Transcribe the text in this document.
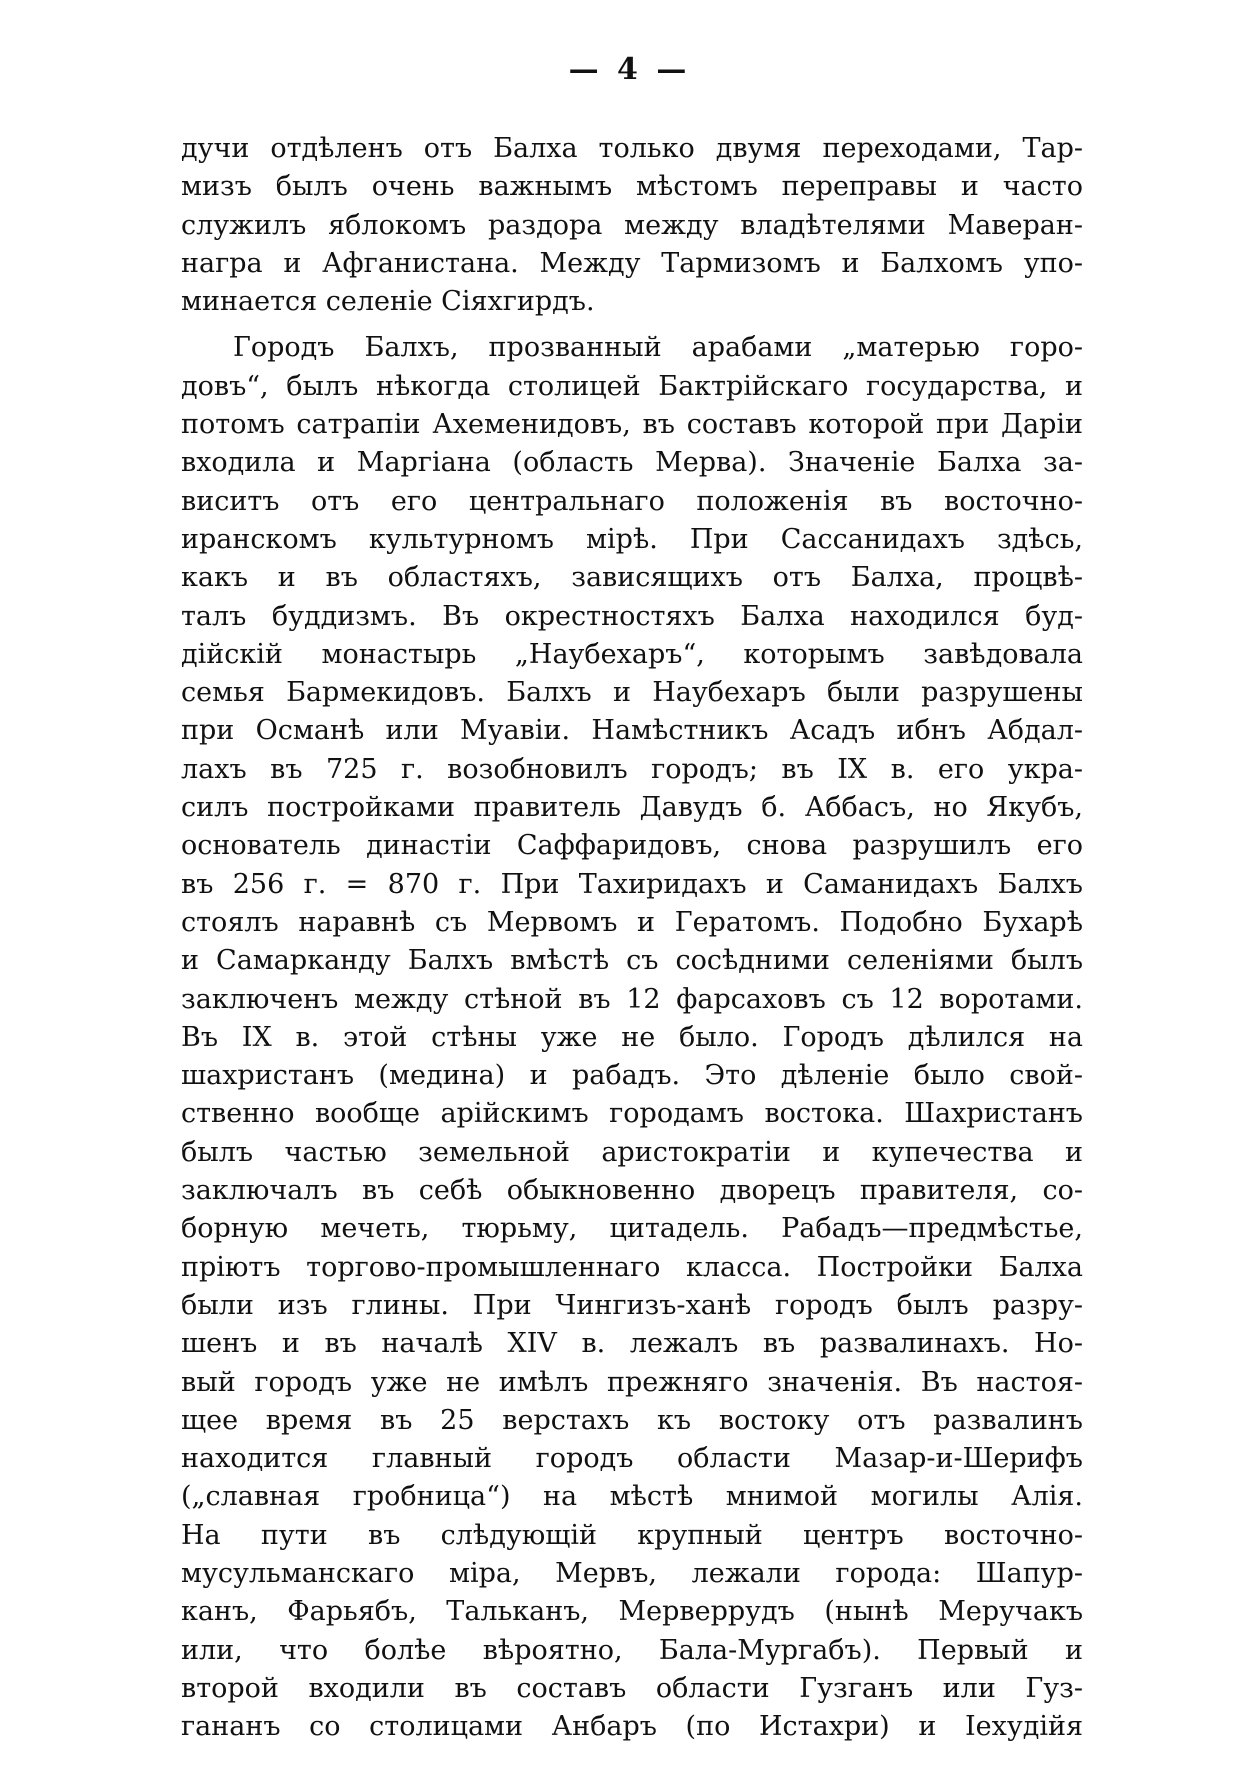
— 4 —
дучи отдѣленъ отъ Балха только двумя переходами, Тар-
мизъ былъ очень важнымъ мѣстомъ переправы и часто
служилъ яблокомъ раздора между владѣтелями Маверан-
награ и Афганистана. Между Тармизомъ и Балхомъ упо-
минается селеніе Сіяхгирдъ.
Городъ Балхъ, прозванный арабами „матерью горо-
довъ“, былъ нѣкогда столицей Бактрійскаго государства, и
потомъ сатрапіи Ахеменидовъ, въ составъ которой при Даріи
входила и Маргіана (область Мерва). Значеніе Балха за-
виситъ отъ его центральнаго положенія въ восточно-
иранскомъ культурномъ мірѣ. При Сассанидахъ здѣсь,
какъ и въ областяхъ, зависящихъ отъ Балха, процвѣ-
талъ буддизмъ. Въ окрестностяхъ Балха находился буд-
дійскій монастырь „Наубехаръ“, которымъ завѣдовала
семья Бармекидовъ. Балхъ и Наубехаръ были разрушены
при Османѣ или Муавіи. Намѣстникъ Асадъ ибнъ Абдал-
лахъ въ 725 г. возобновилъ городъ; въ IX в. его укра-
силъ постройками правитель Давудъ б. Аббасъ, но Якубъ,
основатель династіи Саффаридовъ, снова разрушилъ его
въ 256 г. = 870 г. При Тахиридахъ и Саманидахъ Балхъ
стоялъ наравнѣ съ Мервомъ и Гератомъ. Подобно Бухарѣ
и Самарканду Балхъ вмѣстѣ съ сосѣдними селеніями былъ
заключенъ между стѣной въ 12 фарсаховъ съ 12 воротами.
Въ IX в. этой стѣны уже не было. Городъ дѣлился на
шахристанъ (медина) и рабадъ. Это дѣленіе было свой-
ственно вообще арійскимъ городамъ востока. Шахристанъ
былъ частью земельной аристократіи и купечества и
заключалъ въ себѣ обыкновенно дворецъ правителя, со-
борную мечеть, тюрьму, цитадель. Рабадъ—предмѣстье,
пріютъ торгово-промышленнаго класса. Постройки Балха
были изъ глины. При Чингизъ-ханѣ городъ былъ разру-
шенъ и въ началѣ XIV в. лежалъ въ развалинахъ. Но-
вый городъ уже не имѣлъ прежняго значенія. Въ настоя-
щее время въ 25 верстахъ къ востоку отъ развалинъ
находится главный городъ области Мазар-и-Шерифъ
(„славная гробница“) на мѣстѣ мнимой могилы Алія.
На пути въ слѣдующій крупный центръ восточно-
мусульманскаго міра, Мервъ, лежали города: Шапур-
канъ, Фарьябъ, Тальканъ, Мерверрудъ (нынѣ Меручакъ
или, что болѣе вѣроятно, Бала-Мургабъ). Первый и
второй входили въ составъ области Гузганъ или Гуз-
гананъ со столицами Анбаръ (по Истахри) и Іехудійя
